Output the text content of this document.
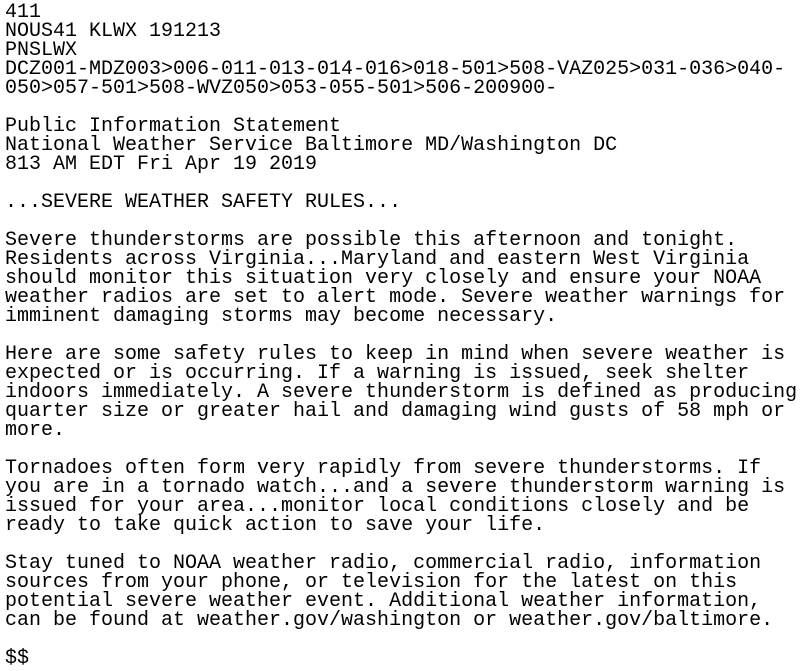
411
NOUS41 KLWX 191213
PNSLWX
DCZ001-MDZ003>006-011-013-014-016>018-501>508-VAZ025>031-036>040-
050>057-501>508-WVZ050>053-055-501>506-200900-
Public Information Statement
National Weather Service Baltimore MD/Washington DC
813 AM EDT Fri Apr 19 2019
...SEVERE WEATHER SAFETY RULES...
Severe thunderstorms are possible this afternoon and tonight.
Residents across Virginia...Maryland and eastern West Virginia
should monitor this situation very closely and ensure your NOAA
weather radios are set to alert mode. Severe weather warnings for
imminent damaging storms may become necessary.
Here are some safety rules to keep in mind when severe weather is
expected or is occurring. If a warning is issued, seek shelter
indoors immediately. A severe thunderstorm is defined as producing
quarter size or greater hail and damaging wind gusts of 58 mph or
more.
Tornadoes often form very rapidly from severe thunderstorms. If
you are in a tornado watch...and a severe thunderstorm warning is
issued for your area...monitor local conditions closely and be
ready to take quick action to save your life.
Stay tuned to NOAA weather radio, commercial radio, information
sources from your phone, or television for the latest on this
potential severe weather event. Additional weather information,
can be found at weather.gov/washington or weather.gov/baltimore.
$$
